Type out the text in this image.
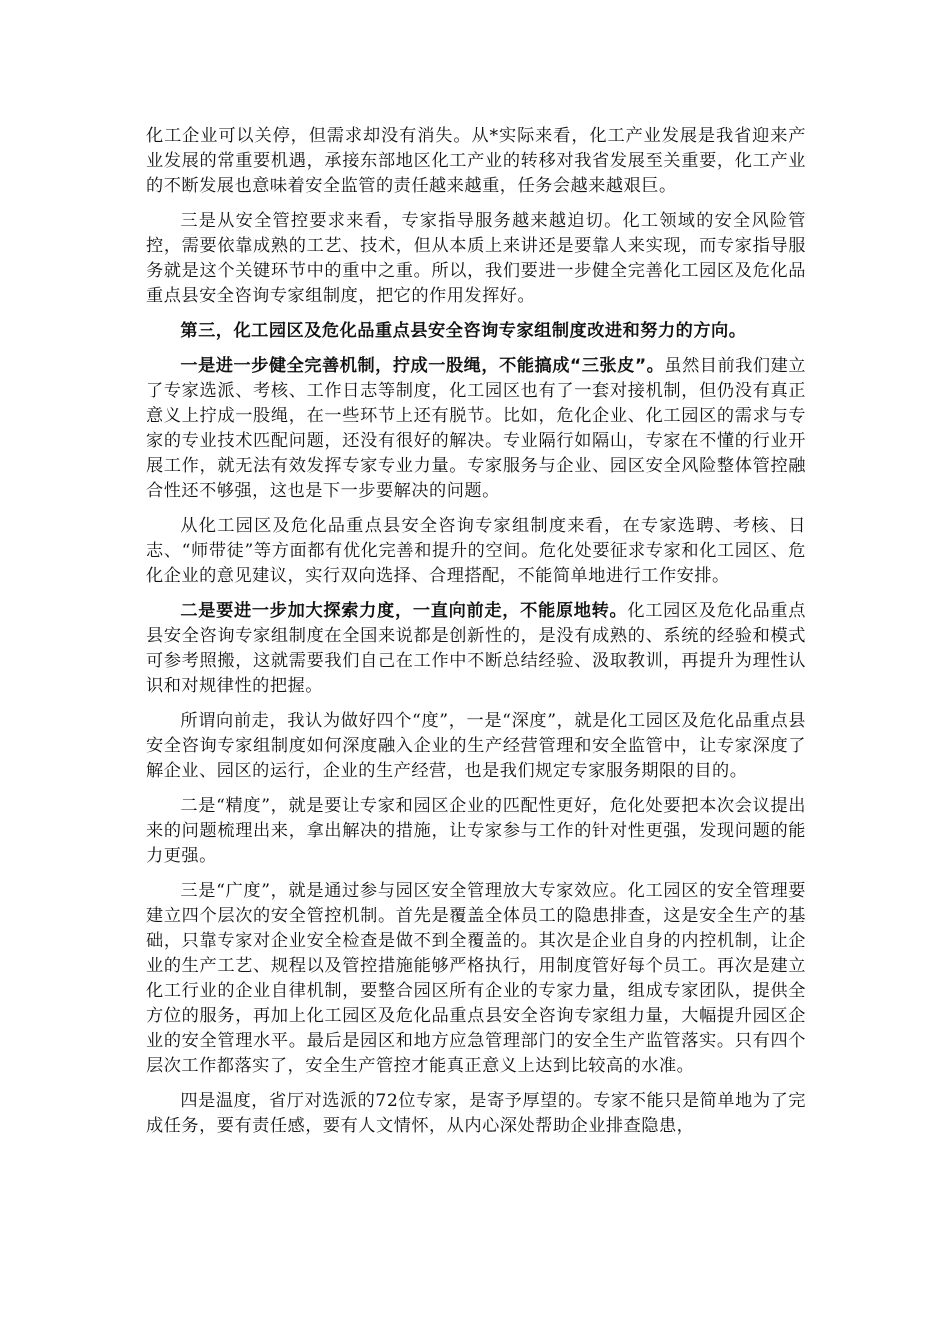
化工企业可以关停，但需求却没有消失。从*实际来看，化工产业发展是我省迎来产业发展的常重要机遇，承接东部地区化工产业的转移对我省发展至关重要，化工产业的不断发展也意味着安全监管的责任越来越重，任务会越来越艰巨。

三是从安全管控要求来看，专家指导服务越来越迫切。化工领域的安全风险管控，需要依靠成熟的工艺、技术，但从本质上来讲还是要靠人来实现，而专家指导服务就是这个关键环节中的重中之重。所以，我们要进一步健全完善化工园区及危化品重点县安全咨询专家组制度，把它的作用发挥好。

第三，化工园区及危化品重点县安全咨询专家组制度改进和努力的方向。

一是进一步健全完善机制，拧成一股绳，不能搞成“三张皮”。虽然目前我们建立了专家选派、考核、工作日志等制度，化工园区也有了一套对接机制，但仍没有真正意义上拧成一股绳，在一些环节上还有脱节。比如，危化企业、化工园区的需求与专家的专业技术匹配问题，还没有很好的解决。专业隔行如隔山，专家在不懂的行业开展工作，就无法有效发挥专家专业力量。专家服务与企业、园区安全风险整体管控融合性还不够强，这也是下一步要解决的问题。

从化工园区及危化品重点县安全咨询专家组制度来看，在专家选聘、考核、日志、“师带徒”等方面都有优化完善和提升的空间。危化处要征求专家和化工园区、危化企业的意见建议，实行双向选择、合理搭配，不能简单地进行工作安排。

二是要进一步加大探索力度，一直向前走，不能原地转。化工园区及危化品重点县安全咨询专家组制度在全国来说都是创新性的，是没有成熟的、系统的经验和模式可参考照搬，这就需要我们自己在工作中不断总结经验、汲取教训，再提升为理性认识和对规律性的把握。

所谓向前走，我认为做好四个“度”，一是“深度”，就是化工园区及危化品重点县安全咨询专家组制度如何深度融入企业的生产经营管理和安全监管中，让专家深度了解企业、园区的运行，企业的生产经营，也是我们规定专家服务期限的目的。

二是“精度”，就是要让专家和园区企业的匹配性更好，危化处要把本次会议提出来的问题梳理出来，拿出解决的措施，让专家参与工作的针对性更强，发现问题的能力更强。

三是“广度”，就是通过参与园区安全管理放大专家效应。化工园区的安全管理要建立四个层次的安全管控机制。首先是覆盖全体员工的隐患排查，这是安全生产的基础，只靠专家对企业安全检查是做不到全覆盖的。其次是企业自身的内控机制，让企业的生产工艺、规程以及管控措施能够严格执行，用制度管好每个员工。再次是建立化工行业的企业自律机制，要整合园区所有企业的专家力量，组成专家团队，提供全方位的服务，再加上化工园区及危化品重点县安全咨询专家组力量，大幅提升园区企业的安全管理水平。最后是园区和地方应急管理部门的安全生产监管落实。只有四个层次工作都落实了，安全生产管控才能真正意义上达到比较高的水准。

四是温度，省厅对选派的72位专家，是寄予厚望的。专家不能只是简单地为了完成任务，要有责任感，要有人文情怀，从内心深处帮助企业排查隐患，
